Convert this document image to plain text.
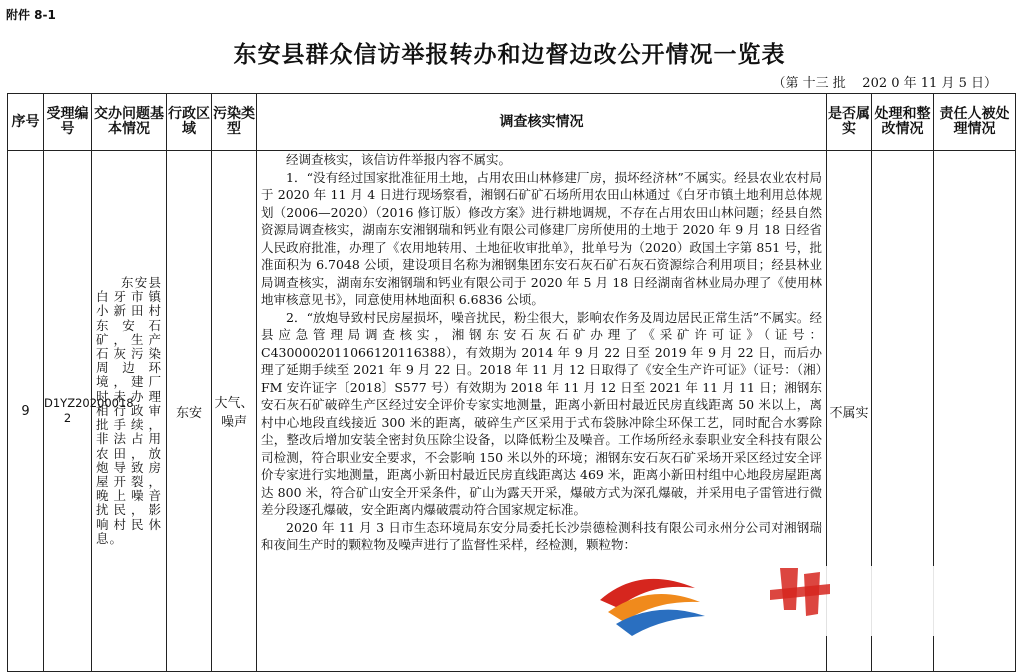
附件 8-1
东安县群众信访举报转办和边督边改公开情况一览表
（第 十三 批    202 0 年 11 月 5 日）
序号	受理编号	交办问题基本情况	行政区域	污染类型	调查核实情况	是否属实	处理和整改情况	责任人被处理情况
9	D1YZ20200018 2	东安县白牙市镇小新田村东安石矿，生产石灰污染周边环境，建厂时未办理相行政审批手续，非法占用农田，放炮导致房屋开裂，晚上噪音扰民，影响村民休息。	东安	大气、噪声	经调查核实，该信访件举报内容不属实。

1．“没有经过国家批准征用土地，占用农田山林修建厂房，损坏经济林”不属实。经县农业农村局于 2020 年 11 月 4 日进行现场察看，湘钢石矿矿石场所用农田山林通过《白牙市镇土地利用总体规划（2006—2020）（2016 修订版）修改方案》进行耕地调规，不存在占用农田山林问题；经县自然资源局调查核实，湖南东安湘钢瑞和钙业有限公司修建厂房所使用的土地于 2020 年 9 月 18 日经省人民政府批准，办理了《农用地转用、土地征收审批单》，批单号为（2020）政国土字第 851 号，批准面积为 6.7048 公顷，建设项目名称为湘钢集团东安石灰石矿石灰石资源综合利用项目；经县林业局调查核实，湖南东安湘钢瑞和钙业有限公司于 2020 年 5 月 18 日经湖南省林业局办理了《使用林地审核意见书》，同意使用林地面积 6.6836 公顷。

2．“放炮导致村民房屋损坏，噪音扰民，粉尘很大，影响农作务及周边居民正常生活”不属实。经县应急管理局调查核实，湘钢东安石灰石矿办理了《采矿许可证》（证号：C4300002011066120116388），有效期为 2014 年 9 月 22 日至 2019 年 9 月 22 日，而后办理了延期手续至 2021 年 9 月 22 日。2018 年 11 月 12 日取得了《安全生产许可证》（证号：（湘）FM 安许证字〔2018〕S577 号）有效期为 2018 年 11 月 12 日至 2021 年 11 月 11 日；湘钢东安石灰石矿破碎生产区经过安全评价专家实地测量，距离小新田村最近民房直线距离 50 米以上，离村中心地段直线接近 300 米的距离，破碎生产区采用于式布袋脉冲除尘环保工艺，同时配合水雾除尘，整改后增加安装全密封负压除尘设备，以降低粉尘及噪音。工作场所经永泰职业安全科技有限公司检测，符合职业安全要求，不会影响 150 米以外的环境；湘钢东安石灰石矿采场开采区经过安全评价专家进行实地测量，距离小新田村最近民房直线距离达 469 米，距离小新田村组中心地段房屋距离达 800 米，符合矿山安全开采条件，矿山为露天开采，爆破方式为深孔爆破，并采用电子雷管进行微差分段逐孔爆破，安全距离内爆破震动符合国家规定标准。

2020 年 11 月 3 日市生态环境局东安分局委托长沙崇德检测科技有限公司永州分公司对湘钢瑞和夜间生产时的颗粒物及噪声进行了监督性采样，经检测，颗粒物：	不属实		
